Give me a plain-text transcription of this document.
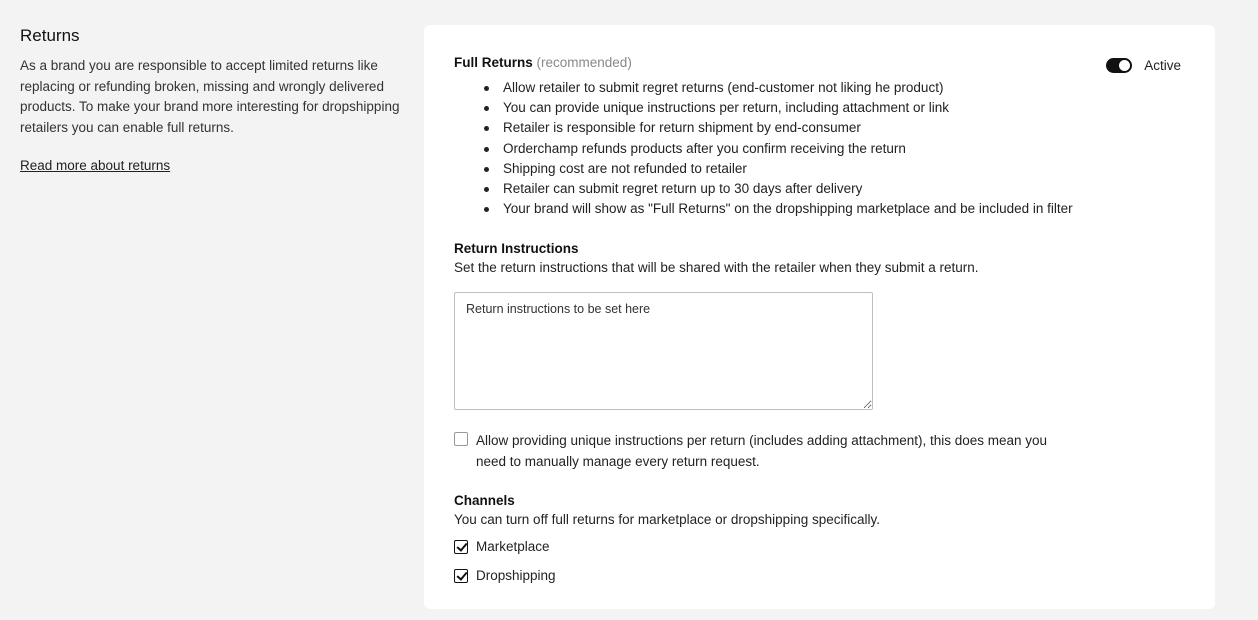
Returns

As a brand you are responsible to accept limited returns like replacing or refunding broken, missing and wrongly delivered products. To make your brand more interesting for dropshipping retailers you can enable full returns.

Read more about returns
Full Returns (recommended)	Active
Allow retailer to submit regret returns (end-customer not liking he product)
You can provide unique instructions per return, including attachment or link
Retailer is responsible for return shipment by end-consumer
Orderchamp refunds products after you confirm receiving the return
Shipping cost are not refunded to retailer
Retailer can submit regret return up to 30 days after delivery
Your brand will show as "Full Returns" on the dropshipping marketplace and be included in filter
Return Instructions
Set the return instructions that will be shared with the retailer when they submit a return.
Return instructions to be set here
Allow providing unique instructions per return (includes adding attachment), this does mean you need to manually manage every return request.
Channels
You can turn off full returns for marketplace or dropshipping specifically.
Marketplace
Dropshipping
